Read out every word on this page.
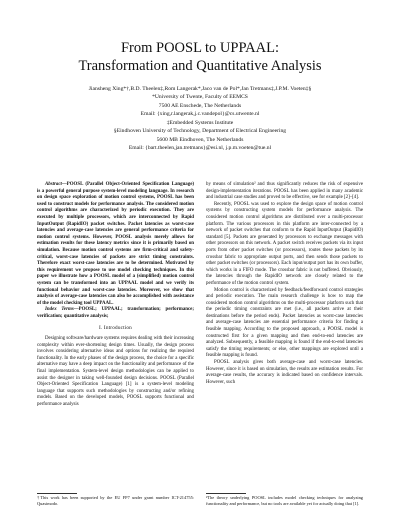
From POOSL to UPPAAL:
Transformation and Quantitative Analysis
Jiansheng Xing*†,B.D. Theelen‡,Rom Langerak*,Jaco van de Pol*,Jan Tretmans‡,J.P.M. Voeten‡§
*University of Twente, Faculty of EEMCS
7500 AE Enschede, The Netherlands
Email: {xing,r.langerak,j.c.vandepol}@cs.utwente.nl
‡Embedded Systems Institute
§Eindhoven University of Technology, Department of Electrical Engineering
5600 MB Eindhoven, The Netherlands
Email: {bart.theelen,jan.tretmans}@esi.nl, j.p.m.voeten@tue.nl

Abstract—POOSL (Parallel Object-Oriented Specification Language) is a powerful general purpose system-level modeling language. In research on design space exploration of motion control systems, POOSL has been used to construct models for performance analysis. The considered motion control algorithms are characterized by periodic execution. They are executed by multiple processors, which are interconnected by Rapid InputOutput (RapidIO) packet switches. Packet latencies as worst-case latencies and average-case latencies are general performance criteria for motion control systems. However, POOSL analysis merely allows for estimation results for these latency metrics since it is primarily based on simulation. Because motion control systems are firm-critical and safety-critical, worst-case latencies of packets are strict timing constraints. Therefore exact worst-case latencies are to be determined. Motivated by this requirement we propose to use model checking techniques. In this paper we illustrate how a POOSL model of a (simplified) motion control system can be transformed into an UPPAAL model and we verify its functional behavior and worst-case latencies. Moreover, we show that analysis of average-case latencies can also be accomplished with assistance of the model checking tool UPPAAL.

Index Terms—POOSL; UPPAAL; transformation; performance; verification; quantitative analysis;

I. Introduction

Designing software/hardware systems requires dealing with their increasing complexity within ever-shortening design times. Usually, the design process involves considering alternative ideas and options for realizing the required functionality. In the early phases of the design process, the choice for a specific alternative may have a deep impact on the functionality and performance of the final implementation. System-level design methodologies can be applied to assist the designer in taking well-founded design decisions. POOSL (Parallel Object-Oriented Specification Language) [1] is a system-level modeling language that supports such methodologies by constructing and/or refining models. Based on the developed models, POOSL supports functional and performance analysis

†This work has been supported by the EU FP7 under grant number ICT-214755: Quasimodo.

by means of simulation² and thus significantly reduces the risk of expensive design-implementation iterations. POOSL has been applied in many academic and industrial case studies and proved to be effective, see for example [2]–[4].

Recently, POOSL was used to explore the design space of motion control systems by constructing system models for performance analysis. The considered motion control algorithms are distributed over a multi-processor platform. The various processors in this platform are inter-connected by a network of packet switches that conform to the Rapid InputOutput (RapidIO) standard [5]. Packets are generated by processors to exchange messages with other processors on this network. A packet switch receives packets via its input ports from other packet switches (or processors), routes these packets by its crossbar fabric to appropriate output ports, and then sends those packets to other packet switches (or processors). Each input/output port has its own buffer, which works in a FIFO mode. The crossbar fabric is not buffered. Obviously, the latencies through the RapidIO network are closely related to the performance of the motion control system.

Motion control is characterized by feedback/feedforward control strategies and periodic execution. The main research challenge is how to map the considered motion control algorithms on the multi-processor platform such that the periodic timing constraints are met (i.e., all packets arrive at their destinations before the period ends). Packet latencies as worst-case latencies and average-case latencies are essential performance criteria for finding a feasible mapping. According to the proposed approach, a POOSL model is constructed first for a given mapping and then end-to-end latencies are analyzed. Subsequently, a feasible mapping is found if the end-to-end latencies satisfy the timing requirements; or else, other mappings are explored until a feasible mapping is found.

POOSL analysis gives both average-case and worst-case latencies. However, since it is based on simulation, the results are estimation results. For average-case results, the accuracy is indicated based on confidence intervals. However, such

²The theory underlying POOSL includes model checking techniques for analyzing functionality and performance, but no tools are available yet for actually doing that [1].
